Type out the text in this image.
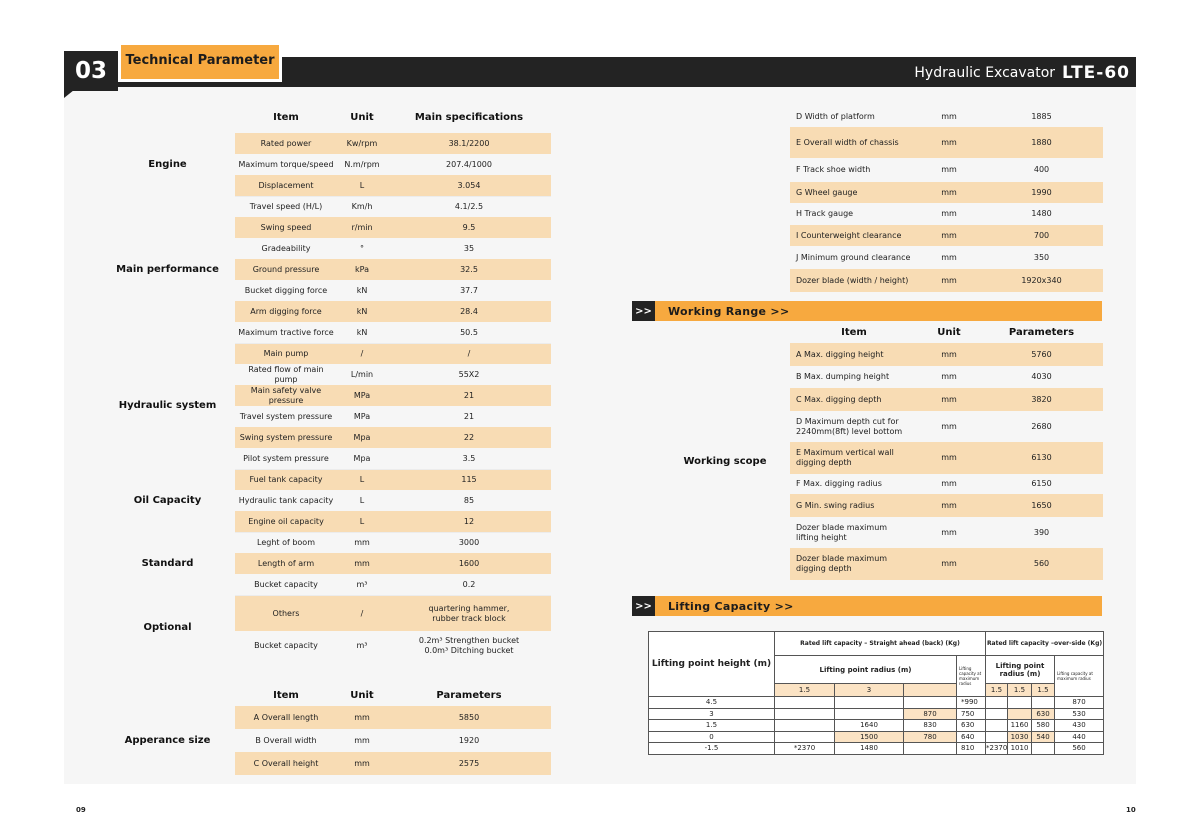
03	Technical Parameter
Hydraulic Excavator LTE-60
	Item	Unit	Main specifications

Engine	Rated power	Kw/rpm	38.1/2200
	Maximum torque/speed	N.m/rpm	207.4/1000
	Displacement	L	3.054
Main performance	Travel speed (H/L)	Km/h	4.1/2.5
	Swing speed	r/min	9.5
	Gradeability	°	35
	Ground pressure	kPa	32.5
	Bucket digging force	kN	37.7
	Arm digging force	kN	28.4
	Maximum tractive force	kN	50.5
Hydraulic system	Main pump	/	/
	Rated flow of main pump	L/min	55X2
	Main safety valve pressure	MPa	21
	Travel system pressure	MPa	21
	Swing system pressure	Mpa	22
	Pilot system pressure	Mpa	3.5
Oil Capacity	Fuel tank capacity	L	115
	Hydraulic tank capacity	L	85
	Engine oil capacity	L	12
Standard	Leght of boom	mm	3000
	Length of arm	mm	1600
	Bucket capacity	m³	0.2
Optional	Others	/	quartering hammer,
rubber track block
	Bucket capacity	m³	0.2m³ Strengthen bucket
0.0m³ Ditching bucket
	Item	Unit	Parameters
Apperance size	A Overall length	mm	5850
	B Overall width	mm	1920
	C Overall height	mm	2575
D Width of platform	mm	1885
E Overall width of chassis	mm	1880
F Track shoe width	mm	400
G Wheel gauge	mm	1990
H Track gauge	mm	1480
I Counterweight clearance	mm	700
J Minimum ground clearance	mm	350
Dozer blade (width / height)	mm	1920x340
>> Working Range >>
	Item	Unit	Parameters
Working scope	A Max. digging height	mm	5760
	B Max. dumping height	mm	4030
	C Max. digging depth	mm	3820
	D Maximum depth cut for
2240mm(8ft) level bottom	mm	2680
	E Maximum vertical wall
digging depth	mm	6130
	F Max. digging radius	mm	6150
	G Min. swing radius	mm	1650
	Dozer blade maximum
lifting height	mm	390
	Dozer blade maximum
digging depth	mm	560
>> Lifting Capacity >>
Lifting point height (m)	Rated lift capacity – Straight ahead (back) (Kg)				Rated lift capacity –over-side (Kg)			
	Lifting point radius (m)			Lifting capacity at maximum radius	Lifting point radius (m)			Lifting capacity at maximum radius
	1.5	3			1.5	1.5	1.5	
4.5				*990				870
3			870	750			630	530
1.5		1640	830	630		1160	580	430
0		1500	780	640		1030	540	440
-1.5	*2370	1480		810	*2370	1010		560
09	10
